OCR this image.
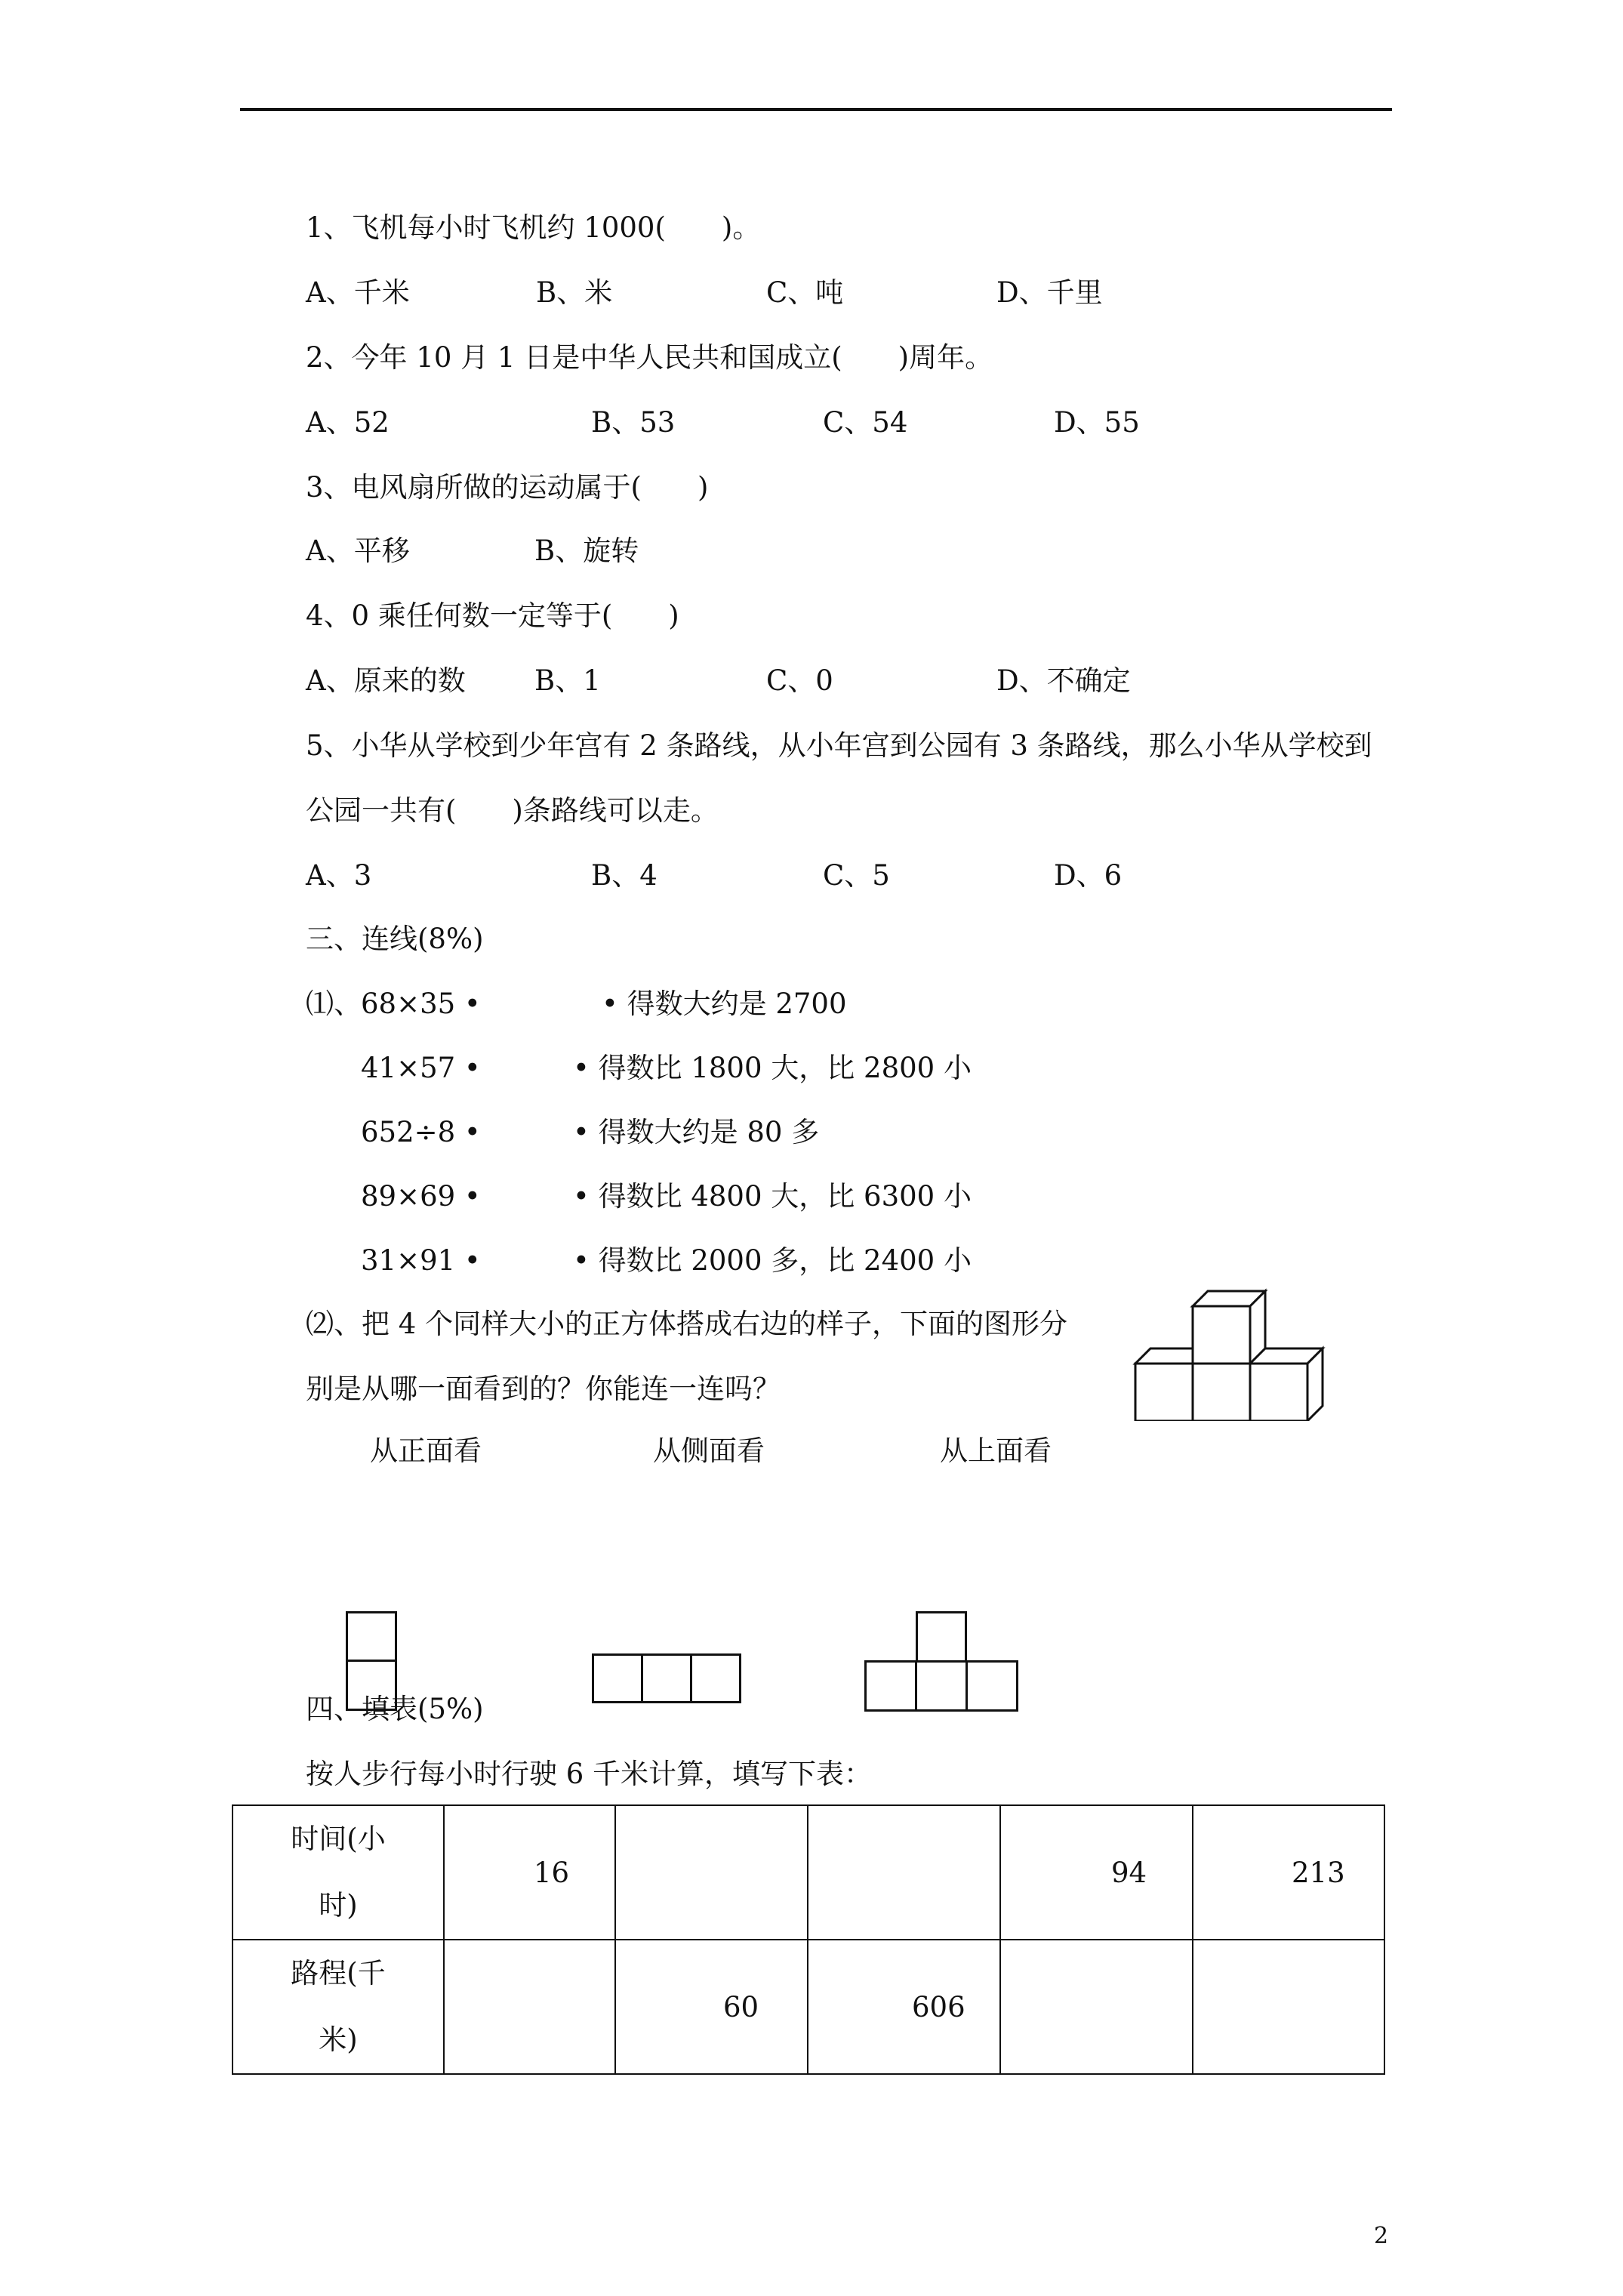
1、飞机每小时飞机约 1000(　　)。
A、千米	B、米	C、吨	D、千里
2、今年 10 月 1 日是中华人民共和国成立(　　)周年。
A、52	B、53	C、54	D、55
3、电风扇所做的运动属于(　　)
A、平移	B、旋转
4、0 乘任何数一定等于(　　)
A、原来的数 B、1	C、0	D、不确定
5、小华从学校到少年宫有 2 条路线，从小年宫到公园有 3 条路线，那么小华从学校到
公园一共有(　　)条路线可以走。
A、3	B、4	C、5	D、6
三、连线(8%)
⑴、 68×35 •
41×57 •
652÷8 •
89×69 •
31×91 •
• 得数大约是 2700
• 得数比 1800 大，比 2800 小
• 得数大约是 80 多
• 得数比 4800 大，比 6300 小
• 得数比 2000 多，比 2400 小
⑵、把 4 个同样大小的正方体搭成右边的样子，下面的图形分
别是从哪一面看到的？你能连一连吗？
从正面看	从侧面看	从上面看
四、填表(5%)
按人步行每小时行驶 6 千米计算，填写下表：
时间(小
时)	16			94	213

路程(千
米)		60	606		

2
